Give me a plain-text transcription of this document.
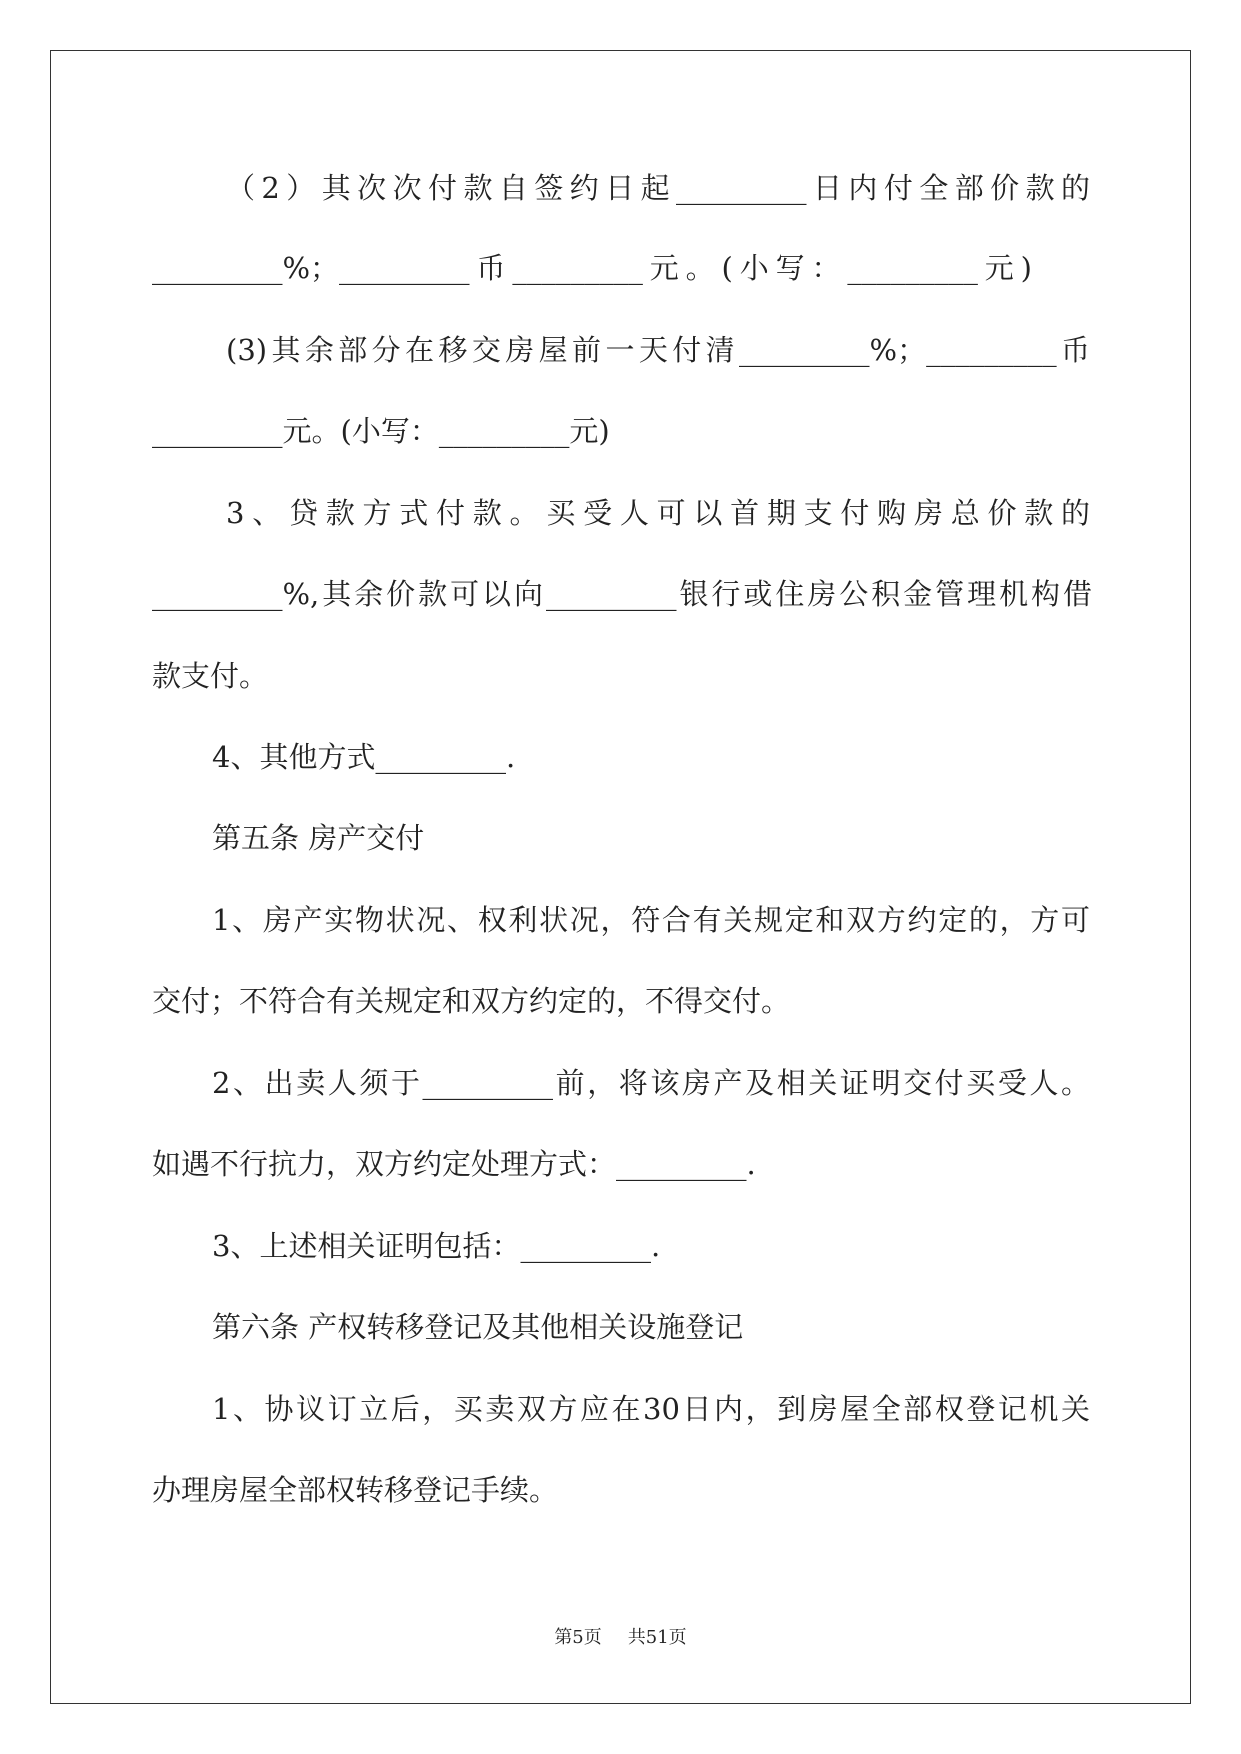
（2）其次次付款自签约日起_________日内付全部价款的
_________%；_________币_________元。(小写：_________元)
(3)其余部分在移交房屋前一天付清_________%；_________币
_________元。(小写：_________元)
3、贷款方式付款。买受人可以首期支付购房总价款的
_________%,其余价款可以向_________银行或住房公积金管理机构借
款支付。
4、其他方式_________.
第五条 房产交付
1、房产实物状况、权利状况，符合有关规定和双方约定的，方可
交付；不符合有关规定和双方约定的，不得交付。
2、出卖人须于_________前，将该房产及相关证明交付买受人。
如遇不行抗力，双方约定处理方式：_________.
3、上述相关证明包括：_________.
第六条 产权转移登记及其他相关设施登记
1、协议订立后，买卖双方应在30日内，到房屋全部权登记机关
办理房屋全部权转移登记手续。
第5页 共51页
